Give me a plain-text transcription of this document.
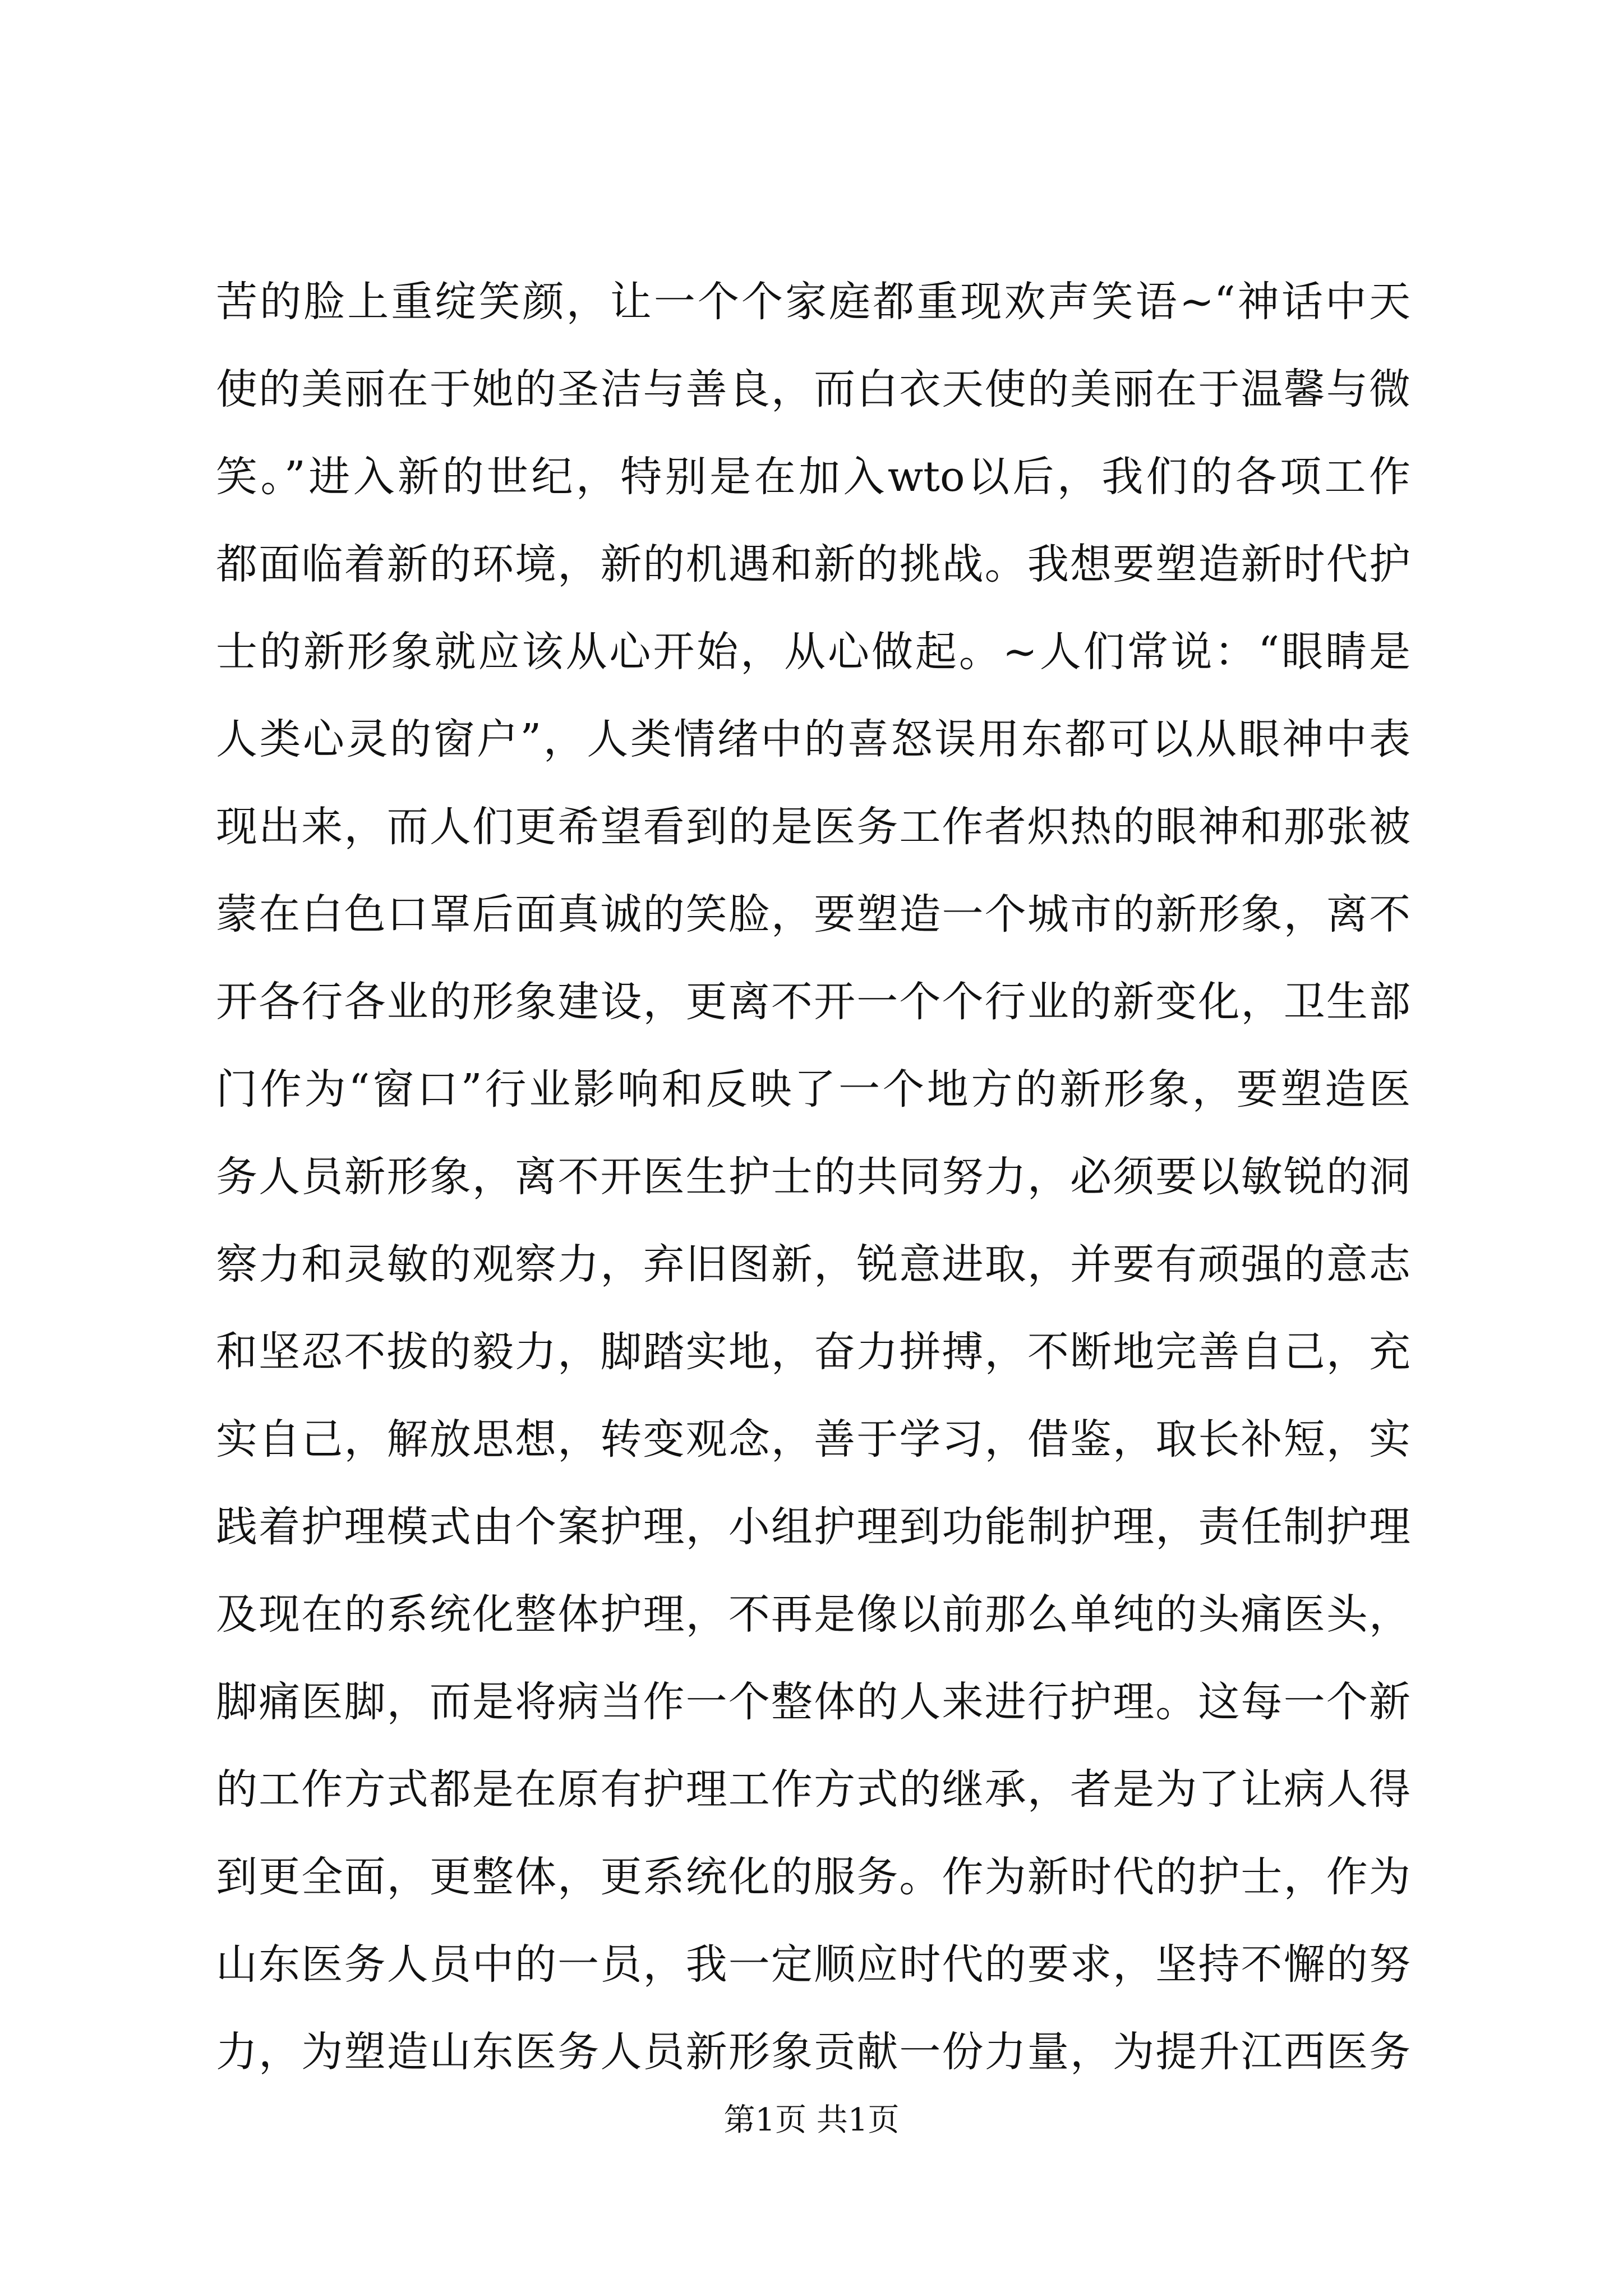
苦的脸上重绽笑颜，让一个个家庭都重现欢声笑语~“神话中天
使的美丽在于她的圣洁与善良，而白衣天使的美丽在于温馨与微
笑。”进入新的世纪，特别是在加入wto以后，我们的各项工作
都面临着新的环境，新的机遇和新的挑战。我想要塑造新时代护
士的新形象就应该从心开始，从心做起。~人们常说：“眼睛是
人类心灵的窗户”，人类情绪中的喜怒误用东都可以从眼神中表
现出来，而人们更希望看到的是医务工作者炽热的眼神和那张被
蒙在白色口罩后面真诚的笑脸，要塑造一个城市的新形象，离不
开各行各业的形象建设，更离不开一个个行业的新变化，卫生部
门作为“窗口”行业影响和反映了一个地方的新形象，要塑造医
务人员新形象，离不开医生护士的共同努力，必须要以敏锐的洞
察力和灵敏的观察力，弃旧图新，锐意进取，并要有顽强的意志
和坚忍不拔的毅力，脚踏实地，奋力拼搏，不断地完善自己，充
实自己，解放思想，转变观念，善于学习，借鉴，取长补短，实
践着护理模式由个案护理，小组护理到功能制护理，责任制护理
及现在的系统化整体护理，不再是像以前那么单纯的头痛医头，
脚痛医脚，而是将病当作一个整体的人来进行护理。这每一个新
的工作方式都是在原有护理工作方式的继承，者是为了让病人得
到更全面，更整体，更系统化的服务。作为新时代的护士，作为
山东医务人员中的一员，我一定顺应时代的要求，坚持不懈的努
力，为塑造山东医务人员新形象贡献一份力量，为提升江西医务
第1页 共1页
